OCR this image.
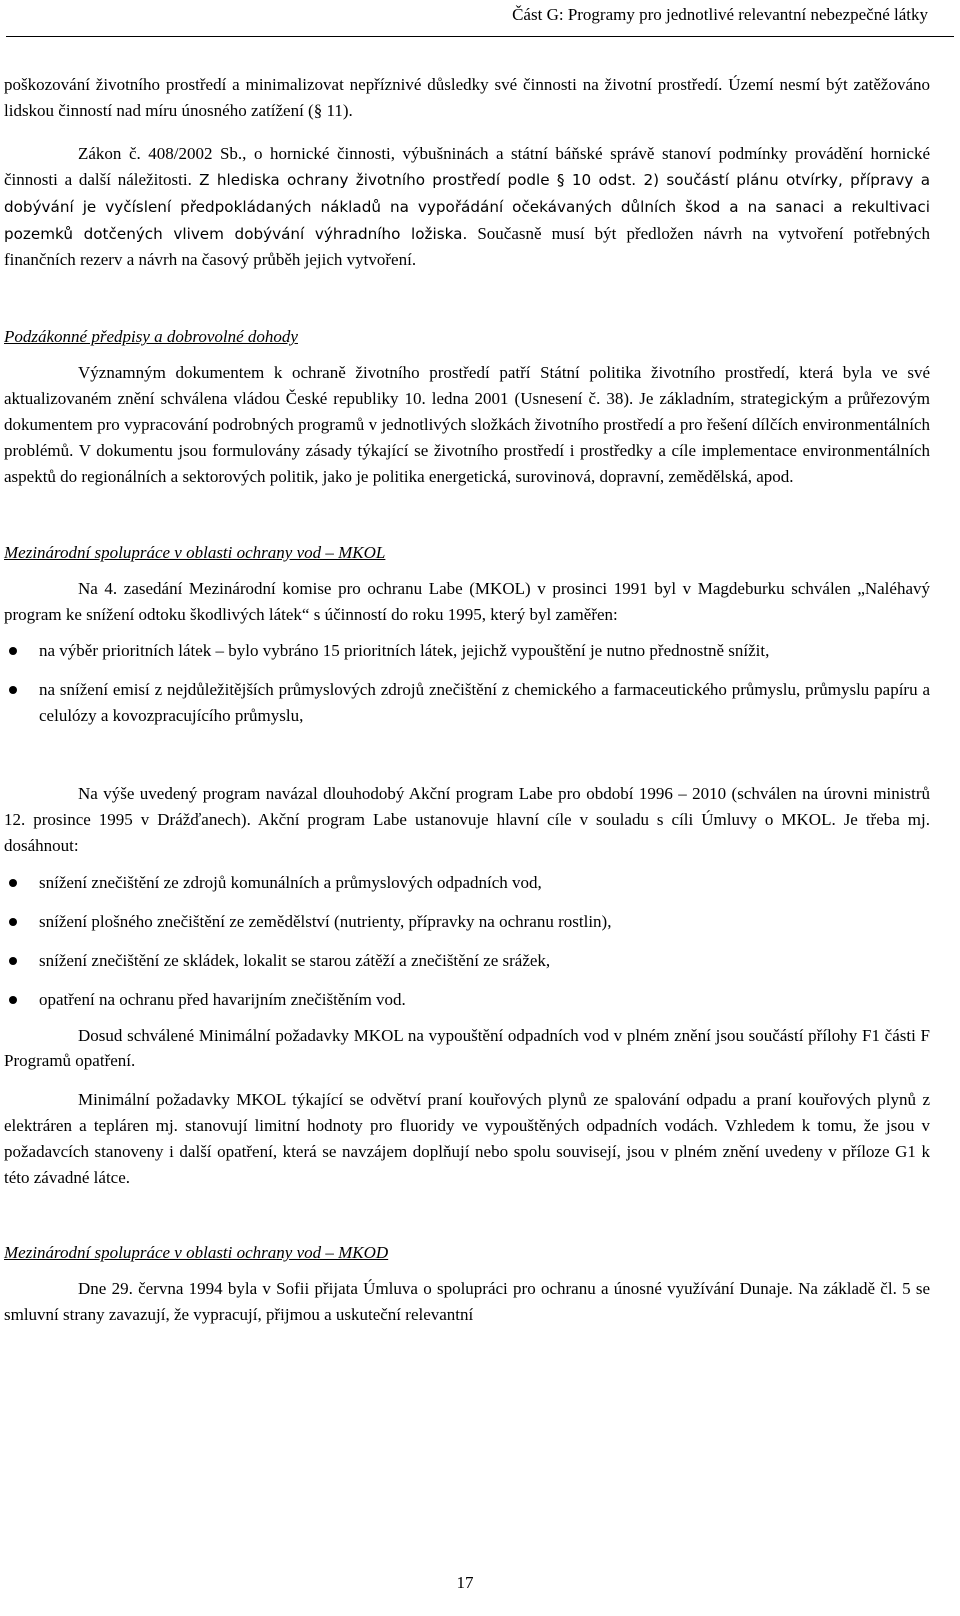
Část G: Programy pro jednotlivé relevantní nebezpečné látky

poškozování životního prostředí a minimalizovat nepříznivé důsledky své činnosti na životní prostředí. Území nesmí být zatěžováno lidskou činností nad míru únosného zatížení (§ 11).

Zákon č. 408/2002 Sb., o hornické činnosti, výbušninách a státní báňské správě stanoví podmínky provádění hornické činnosti a další náležitosti. Z hlediska ochrany životního prostředí podle § 10 odst. 2) součástí plánu otvírky, přípravy a dobývání je vyčíslení předpokládaných nákladů na vypořádání očekávaných důlních škod a na sanaci a rekultivaci pozemků dotčených vlivem dobývání výhradního ložiska. Současně musí být předložen návrh na vytvoření potřebných finančních rezerv a návrh na časový průběh jejich vytvoření.

Podzákonné předpisy a dobrovolné dohody

Významným dokumentem k ochraně životního prostředí patří Státní politika životního prostředí, která byla ve své aktualizovaném znění schválena vládou České republiky 10. ledna 2001 (Usnesení č. 38). Je základním, strategickým a průřezovým dokumentem pro vypracování podrobných programů v jednotlivých složkách životního prostředí a pro řešení dílčích environmentálních problémů. V dokumentu jsou formulovány zásady týkající se životního prostředí i prostředky a cíle implementace environmentálních aspektů do regionálních a sektorových politik, jako je politika energetická, surovinová, dopravní, zemědělská, apod.

Mezinárodní spolupráce v oblasti ochrany vod – MKOL

Na 4. zasedání Mezinárodní komise pro ochranu Labe (MKOL) v prosinci 1991 byl v Magdeburku schválen „Naléhavý program ke snížení odtoku škodlivých látek“ s účinností do roku 1995, který byl zaměřen:

na výběr prioritních látek – bylo vybráno 15 prioritních látek, jejichž vypouštění je nutno přednostně snížit,
na snížení emisí z nejdůležitějších průmyslových zdrojů znečištění z chemického a farmaceutického průmyslu, průmyslu papíru a celulózy a kovozpracujícího průmyslu,

Na výše uvedený program navázal dlouhodobý Akční program Labe pro období 1996 – 2010 (schválen na úrovni ministrů 12. prosince 1995 v Drážďanech). Akční program Labe ustanovuje hlavní cíle v souladu s cíli Úmluvy o MKOL. Je třeba mj. dosáhnout:

snížení znečištění ze zdrojů komunálních a průmyslových odpadních vod,
snížení plošného znečištění ze zemědělství (nutrienty, přípravky na ochranu rostlin),
snížení znečištění ze skládek, lokalit se starou zátěží a znečištění ze srážek,
opatření na ochranu před havarijním znečištěním vod.

Dosud schválené Minimální požadavky MKOL na vypouštění odpadních vod v plném znění jsou součástí přílohy F1 části F Programů opatření.

Minimální požadavky MKOL týkající se odvětví praní kouřových plynů ze spalování odpadu a praní kouřových plynů z elektráren a tepláren mj. stanovují limitní hodnoty pro fluoridy ve vypouštěných odpadních vodách. Vzhledem k tomu, že jsou v požadavcích stanoveny i další opatření, která se navzájem doplňují nebo spolu souvisejí, jsou v plném znění uvedeny v příloze G1 k této závadné látce.

Mezinárodní spolupráce v oblasti ochrany vod – MKOD

Dne 29. června 1994 byla v Sofii přijata Úmluva o spolupráci pro ochranu a únosné využívání Dunaje. Na základě čl. 5 se smluvní strany zavazují, že vypracují, přijmou a uskuteční relevantní

17
